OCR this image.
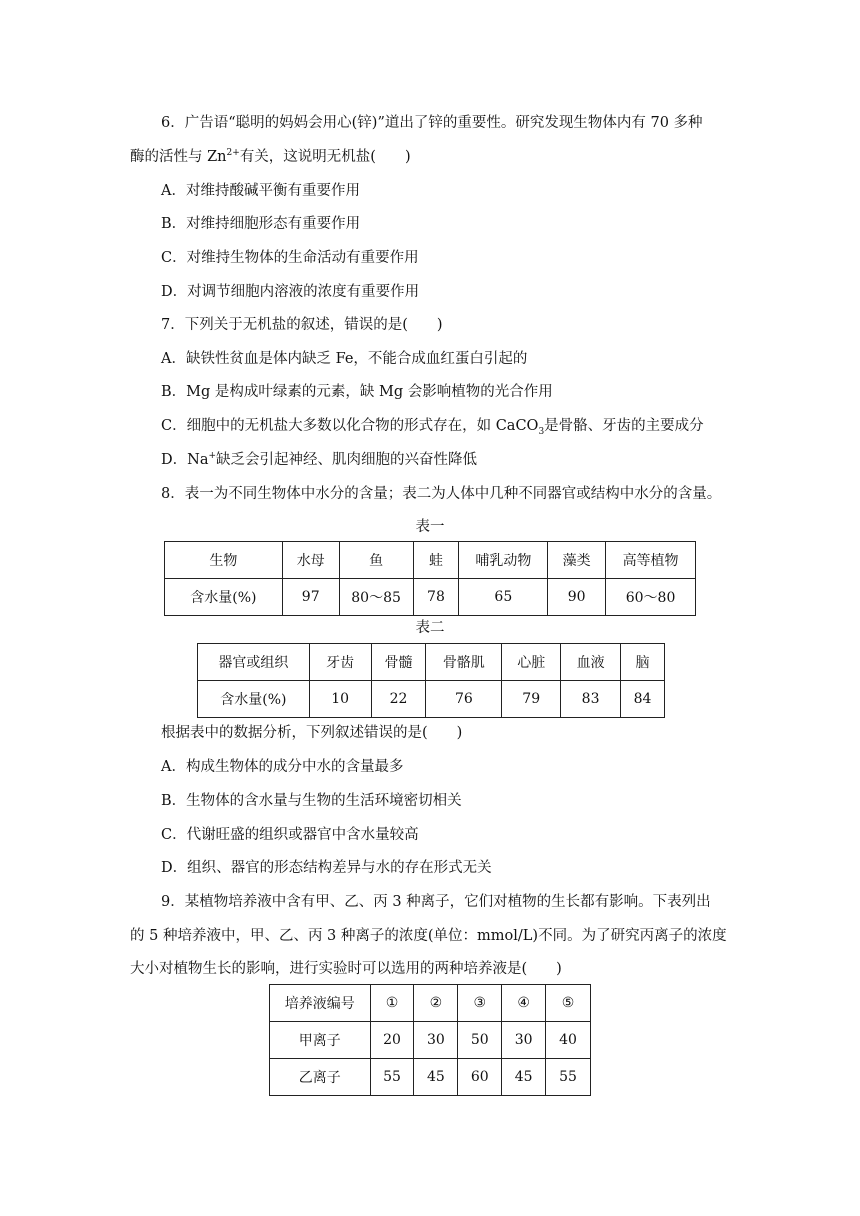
6．广告语“聪明的妈妈会用心(锌)”道出了锌的重要性。研究发现生物体内有 70 多种
酶的活性与 $Zn^{2+}$有关，这说明无机盐(　　)
A．对维持酸碱平衡有重要作用
B．对维持细胞形态有重要作用
C．对维持生物体的生命活动有重要作用
D．对调节细胞内溶液的浓度有重要作用
7．下列关于无机盐的叙述，错误的是(　　)
A．缺铁性贫血是体内缺乏 Fe，不能合成血红蛋白引起的
B．Mg 是构成叶绿素的元素，缺 Mg 会影响植物的光合作用
C．细胞中的无机盐大多数以化合物的形式存在，如 CaCO$_3$是骨骼、牙齿的主要成分
D．Na+缺乏会引起神经、肌肉细胞的兴奋性降低
8．表一为不同生物体中水分的含量；表二为人体中几种不同器官或结构中水分的含量。
表一
生物	水母	鱼	蛙	哺乳动物	藻类	高等植物
含水量(%)	97	80～85	78	65	90	60～80
表二
器官或组织	牙齿	骨髓	骨骼肌	心脏	血液	脑
含水量(%)	10	22	76	79	83	84
根据表中的数据分析，下列叙述错误的是(　　)
A．构成生物体的成分中水的含量最多
B．生物体的含水量与生物的生活环境密切相关
C．代谢旺盛的组织或器官中含水量较高
D．组织、器官的形态结构差异与水的存在形式无关
9．某植物培养液中含有甲、乙、丙 3 种离子，它们对植物的生长都有影响。下表列出
的 5 种培养液中，甲、乙、丙 3 种离子的浓度(单位：mmol/L)不同。为了研究丙离子的浓度
大小对植物生长的影响，进行实验时可以选用的两种培养液是(　　)
培养液编号	①	②	③	④	⑤
甲离子	20	30	50	30	40
乙离子	55	45	60	45	55
